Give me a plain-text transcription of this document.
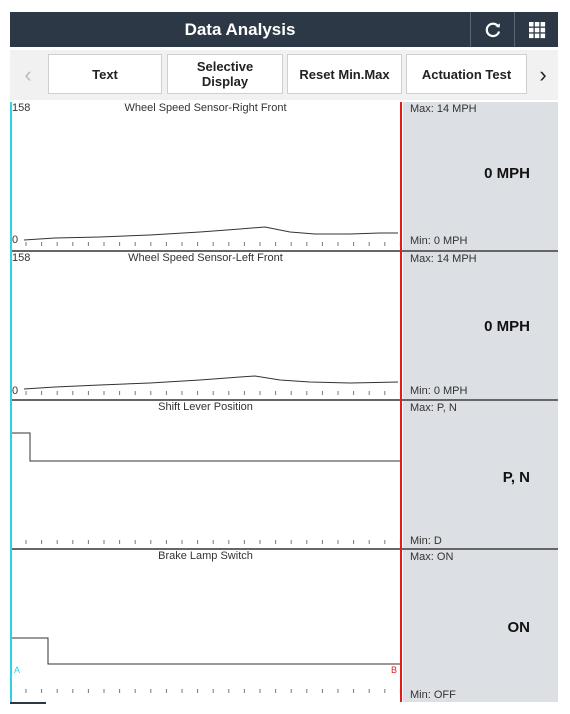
Data Analysis
‹	Text	Selective Display	Reset Min.Max	Actuation Test	›
158	Wheel Speed Sensor-Right Front
0
Max: 14 MPH
0 MPH
Min: 0 MPH
158	Wheel Speed Sensor-Left Front
0
Max: 14 MPH
0 MPH
Min: 0 MPH
Shift Lever Position	Max: P, N
P, N
Min: D
Brake Lamp Switch
A	B
Max: ON
ON
Min: OFF
